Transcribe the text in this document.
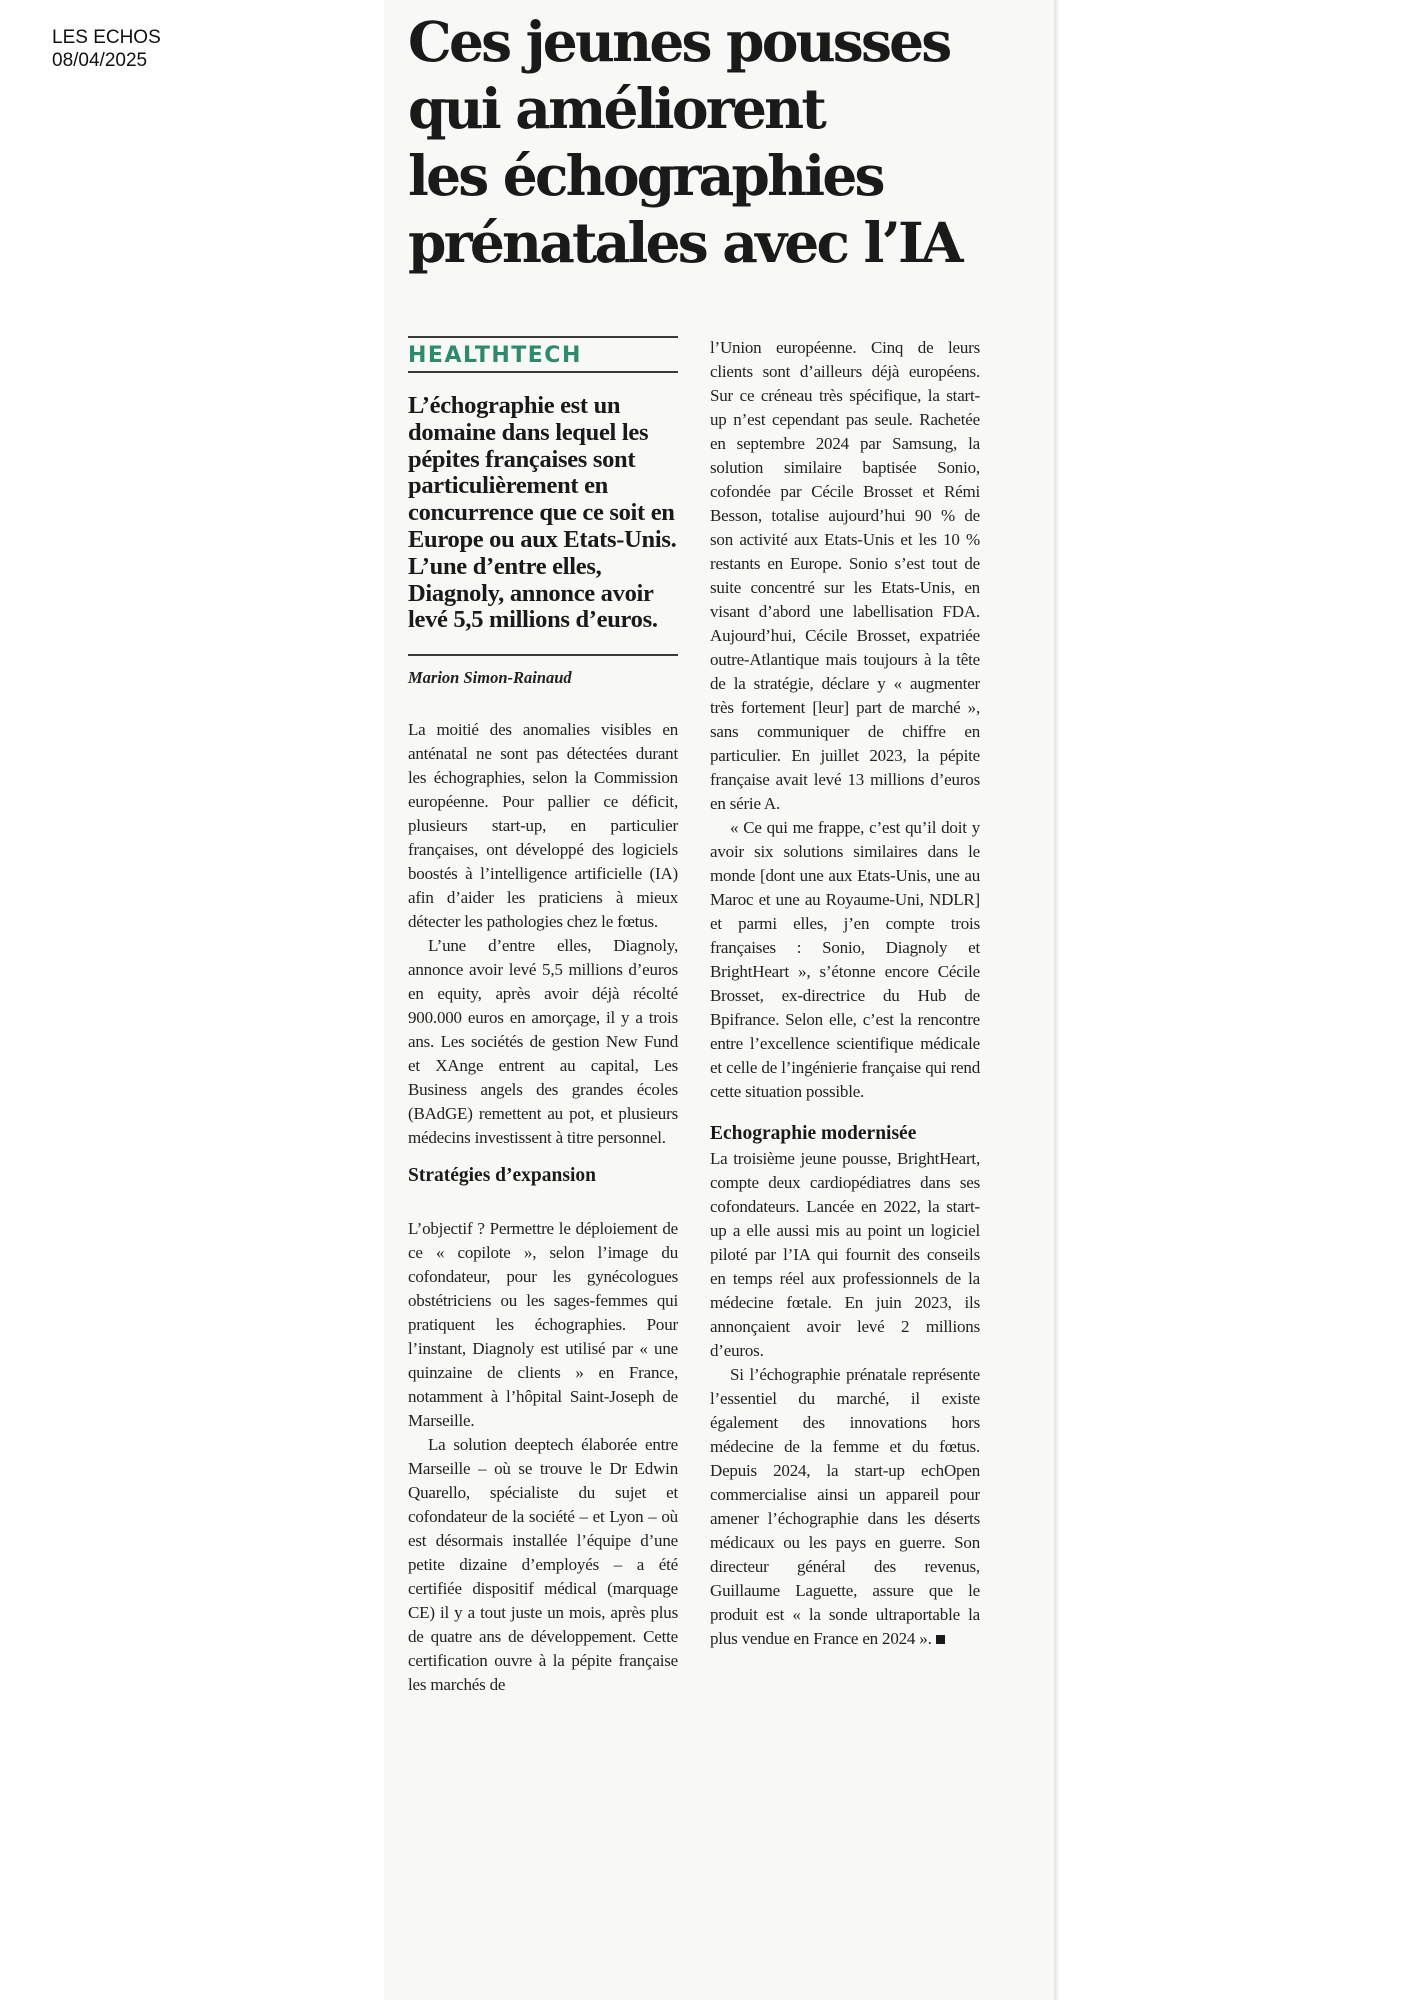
LES ECHOS
08/04/2025	Ces jeunes pousses
qui améliorent
les échographies
prénatales avec l’IA
HEALTHTECH
L’échographie est un domaine dans lequel les pépites françaises sont particulièrement en concurrence que ce soit en Europe ou aux Etats-Unis. L’une d’entre elles, Diagnoly, annonce avoir levé 5,5 millions d’euros.
Marion Simon-Rainaud

La moitié des anomalies visibles en anténatal ne sont pas détectées durant les échographies, selon la Commission européenne. Pour pallier ce déficit, plusieurs start-up, en particulier françaises, ont développé des logiciels boostés à l’intelligence artificielle (IA) afin d’aider les praticiens à mieux détecter les pathologies chez le fœtus.

L’une d’entre elles, Diagnoly, annonce avoir levé 5,5 millions d’euros en equity, après avoir déjà récolté 900.000 euros en amorçage, il y a trois ans. Les sociétés de gestion New Fund et XAnge entrent au capital, Les Business angels des grandes écoles (BAdGE) remettent au pot, et plusieurs médecins investissent à titre personnel.

Stratégies d’expansion

L’objectif ? Permettre le déploiement de ce « copilote », selon l’image du cofondateur, pour les gynécologues obstétriciens ou les sages-femmes qui pratiquent les échographies. Pour l’instant, Diagnoly est utilisé par « une quinzaine de clients » en France, notamment à l’hôpital Saint-Joseph de Marseille.

La solution deeptech élaborée entre Marseille – où se trouve le Dr Edwin Quarello, spécialiste du sujet et cofondateur de la société – et Lyon – où est désormais installée l’équipe d’une petite dizaine d’employés – a été certifiée dispositif médical (marquage CE) il y a tout juste un mois, après plus de quatre ans de développement. Cette certification ouvre à la pépite française les marchés de

l’Union européenne. Cinq de leurs clients sont d’ailleurs déjà européens. Sur ce créneau très spécifique, la start-up n’est cependant pas seule. Rachetée en septembre 2024 par Samsung, la solution similaire baptisée Sonio, cofondée par Cécile Brosset et Rémi Besson, totalise aujourd’hui 90 % de son activité aux Etats-Unis et les 10 % restants en Europe. Sonio s’est tout de suite concentré sur les Etats-Unis, en visant d’abord une labellisation FDA. Aujourd’hui, Cécile Brosset, expatriée outre-Atlantique mais toujours à la tête de la stratégie, déclare y « augmenter très fortement [leur] part de marché », sans communiquer de chiffre en particulier. En juillet 2023, la pépite française avait levé 13 millions d’euros en série A.

« Ce qui me frappe, c’est qu’il doit y avoir six solutions similaires dans le monde [dont une aux Etats-Unis, une au Maroc et une au Royaume-Uni, NDLR] et parmi elles, j’en compte trois françaises : Sonio, Diagnoly et BrightHeart », s’étonne encore Cécile Brosset, ex-directrice du Hub de Bpifrance. Selon elle, c’est la rencontre entre l’excellence scientifique médicale et celle de l’ingénierie française qui rend cette situation possible.

Echographie modernisée

La troisième jeune pousse, BrightHeart, compte deux cardiopédiatres dans ses cofondateurs. Lancée en 2022, la start-up a elle aussi mis au point un logiciel piloté par l’IA qui fournit des conseils en temps réel aux professionnels de la médecine fœtale. En juin 2023, ils annonçaient avoir levé 2 millions d’euros.

Si l’échographie prénatale représente l’essentiel du marché, il existe également des innovations hors médecine de la femme et du fœtus. Depuis 2024, la start-up echOpen commercialise ainsi un appareil pour amener l’échographie dans les déserts médicaux ou les pays en guerre. Son directeur général des revenus, Guillaume Laguette, assure que le produit est « la sonde ultraportable la plus vendue en France en 2024 ».
